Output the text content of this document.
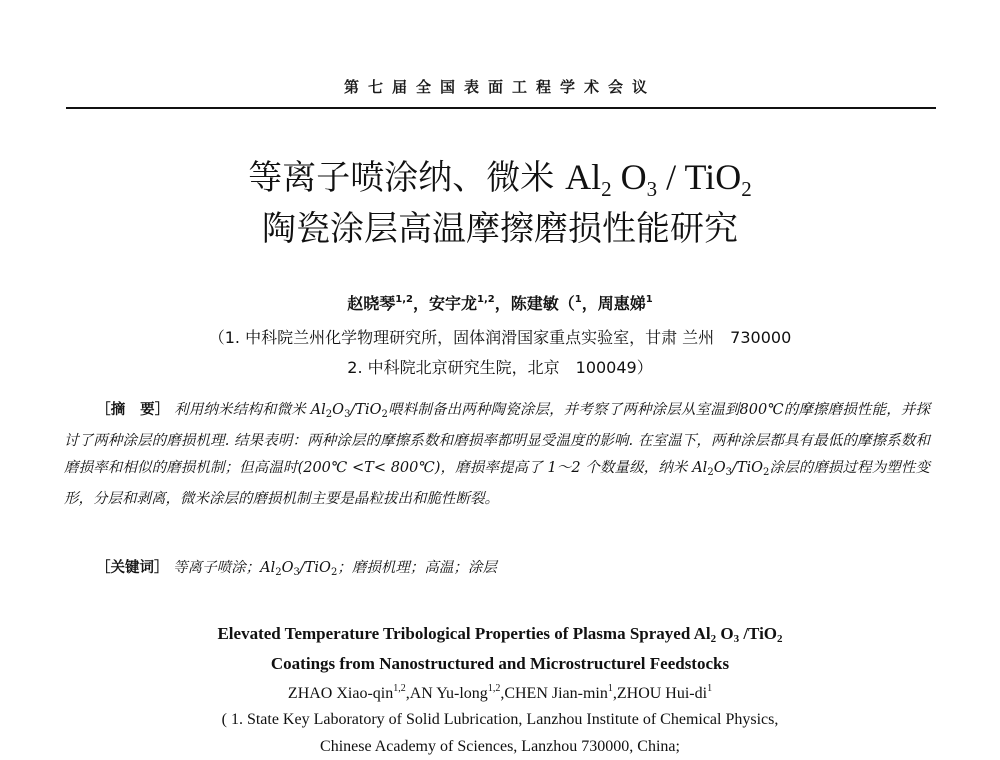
第七届全国表面工程学术会议
等离子喷涂纳、微米 $Al_2$ $O_3 / TiO_2$
陶瓷涂层高温摩擦磨损性能研究
赵晓琴$^{1,2}$，安宇龙$^{1,2}$，陈建敏（$^1$，周惠娣$^1$
（1. 中科院兰州化学物理研究所，固体润滑国家重点实验室，甘肃 兰州　730000
2. 中科院北京研究生院，北京　100049）
［摘　要］ 利用纳米结构和微米 $Al_2O_3/TiO_2$喂料制备出两种陶瓷涂层，并考察了两种涂层从室温到800℃的摩擦磨损性能，并探讨了两种涂层的磨损机理. 结果表明：两种涂层的摩擦系数和磨损率都明显受温度的影响. 在室温下，两种涂层都具有最低的摩擦系数和磨损率和相似的磨损机制；但高温时(200℃ <T< 800℃)，磨损率提高了 1～2 个数量级，纳米 $Al_2O_3/TiO_2$涂层的磨损过程为塑性变形，分层和剥离，微米涂层的磨损机制主要是晶粒拔出和脆性断裂。
［关键词］ 等离子喷涂；$Al_2O_3/TiO_2$；磨损机理；高温；涂层
Elevated Temperature Tribological Properties of Plasma Sprayed $Al_2$ $O_3$ /TiO$_2$
Coatings from Nanostructured and Microstructurel Feedstocks
ZHAO Xiao-qin$^{1,2}$,AN Yu-long$^{1,2}$,CHEN Jian-$\min^1,ZHOU$ Hui-$di^1$
( 1. State Key Laboratory of Solid Lubrication, Lanzhou Institute of Chemical Physics,
Chinese Academy of Sciences, Lanzhou 730000, China;
